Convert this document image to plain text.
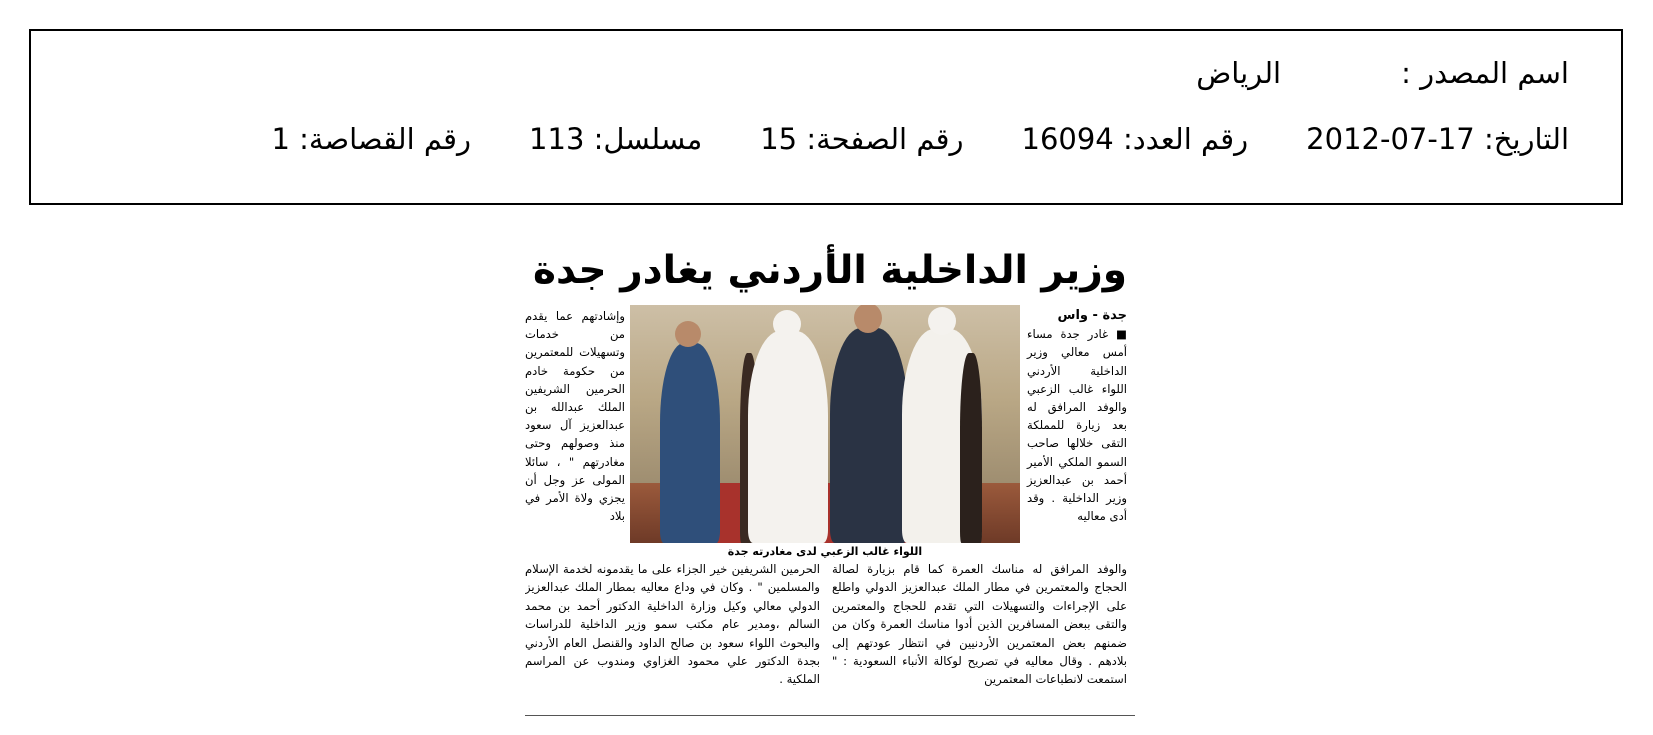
اسم المصدر :
الرياض
التاريخ: 17-07-2012
رقم العدد: 16094
رقم الصفحة: 15
مسلسل: 113
رقم القصاصة: 1
وزير الداخلية الأردني يغادر جدة
جدة - واس
■ غادر جدة مساء أمس معالي وزير الداخلية الأردني اللواء غالب الزعبي والوفد المرافق له بعد زيارة للمملكة التقى خلالها صاحب السمو الملكي الأمير أحمد بن عبدالعزيز وزير الداخلية . وقد أدى معاليه
اللواء غالب الزعبي لدى مغادرته جدة
وإشادتهم عما يقدم من خدمات وتسهيلات للمعتمرين من حكومة خادم الحرمين الشريفين الملك عبدالله بن عبدالعزيز آل سعود منذ وصولهم وحتى مغادرتهم " ، سائلا المولى عز وجل أن يجزي ولاة الأمر في بلاد
والوفد المرافق له مناسك العمرة كما قام بزيارة لصالة الحجاج والمعتمرين في مطار الملك عبدالعزيز الدولي واطلع على الإجراءات والتسهيلات التي تقدم للحجاج والمعتمرين والتقى ببعض المسافرين الذين أدوا مناسك العمرة وكان من ضمنهم بعض المعتمرين الأردنيين في انتظار عودتهم إلى بلادهم . وقال معاليه في تصريح لوكالة الأنباء السعودية : " استمعت لانطباعات المعتمرين
الحرمين الشريفين خير الجزاء على ما يقدمونه لخدمة الإسلام والمسلمين " . وكان في وداع معاليه بمطار الملك عبدالعزيز الدولي معالي وكيل وزارة الداخلية الدكتور أحمد بن محمد السالم ،ومدير عام مكتب سمو وزير الداخلية للدراسات والبحوث اللواء سعود بن صالح الداود والقنصل العام الأردني بجدة الدكتور علي محمود الغزاوي ومندوب عن المراسم الملكية .
